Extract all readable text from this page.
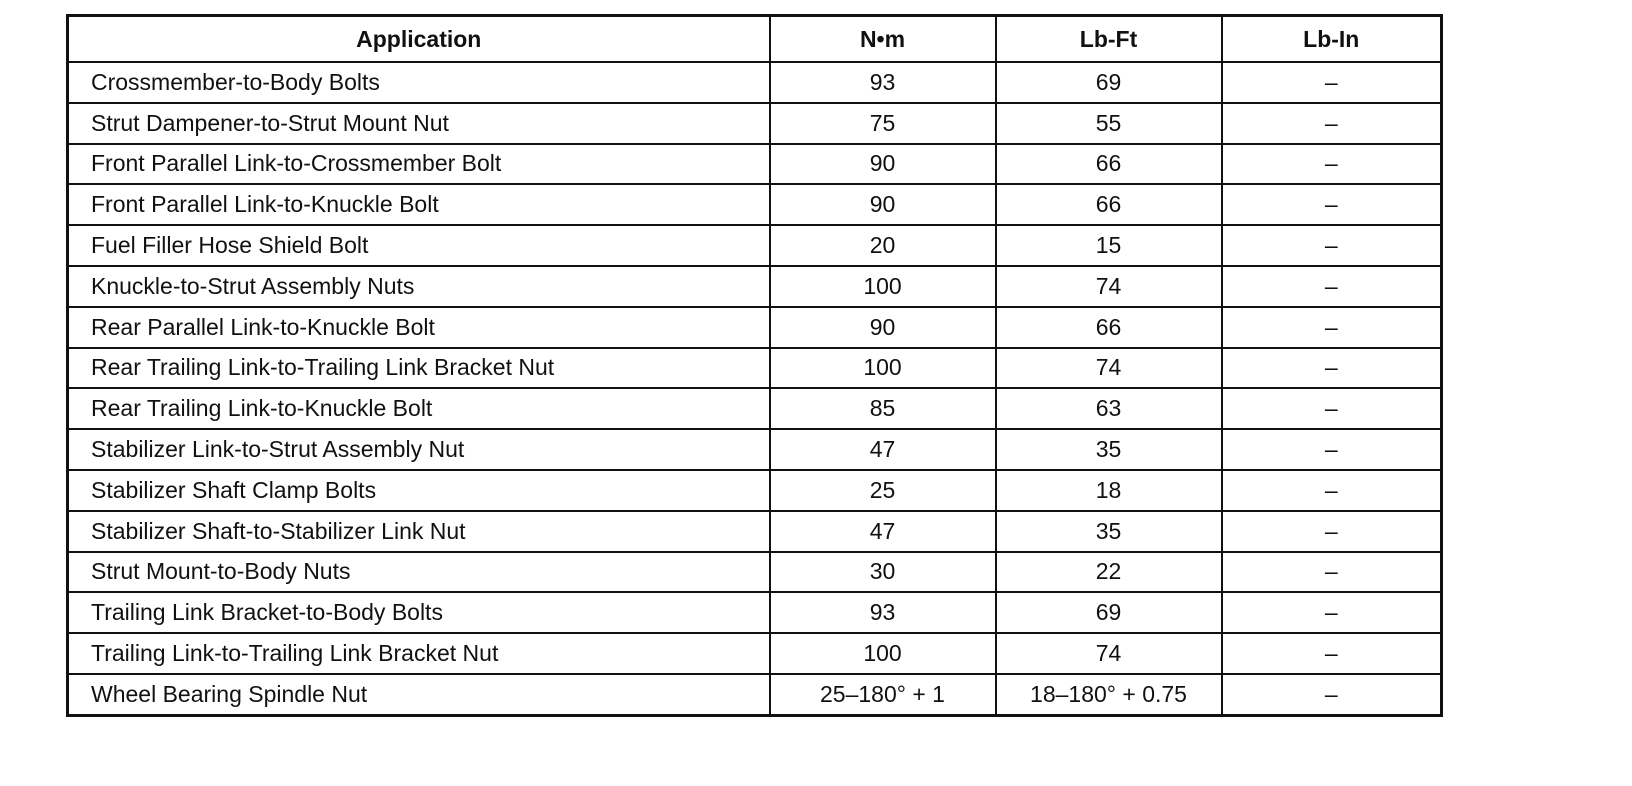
Application	N•m	Lb-Ft	Lb-In
Crossmember-to-Body Bolts	93	69	–
Strut Dampener-to-Strut Mount Nut	75	55	–
Front Parallel Link-to-Crossmember Bolt	90	66	–
Front Parallel Link-to-Knuckle Bolt	90	66	–
Fuel Filler Hose Shield Bolt	20	15	–
Knuckle-to-Strut Assembly Nuts	100	74	–
Rear Parallel Link-to-Knuckle Bolt	90	66	–
Rear Trailing Link-to-Trailing Link Bracket Nut	100	74	–
Rear Trailing Link-to-Knuckle Bolt	85	63	–
Stabilizer Link-to-Strut Assembly Nut	47	35	–
Stabilizer Shaft Clamp Bolts	25	18	–
Stabilizer Shaft-to-Stabilizer Link Nut	47	35	–
Strut Mount-to-Body Nuts	30	22	–
Trailing Link Bracket-to-Body Bolts	93	69	–
Trailing Link-to-Trailing Link Bracket Nut	100	74	–
Wheel Bearing Spindle Nut	25–180° + 1	18–180° + 0.75	–
